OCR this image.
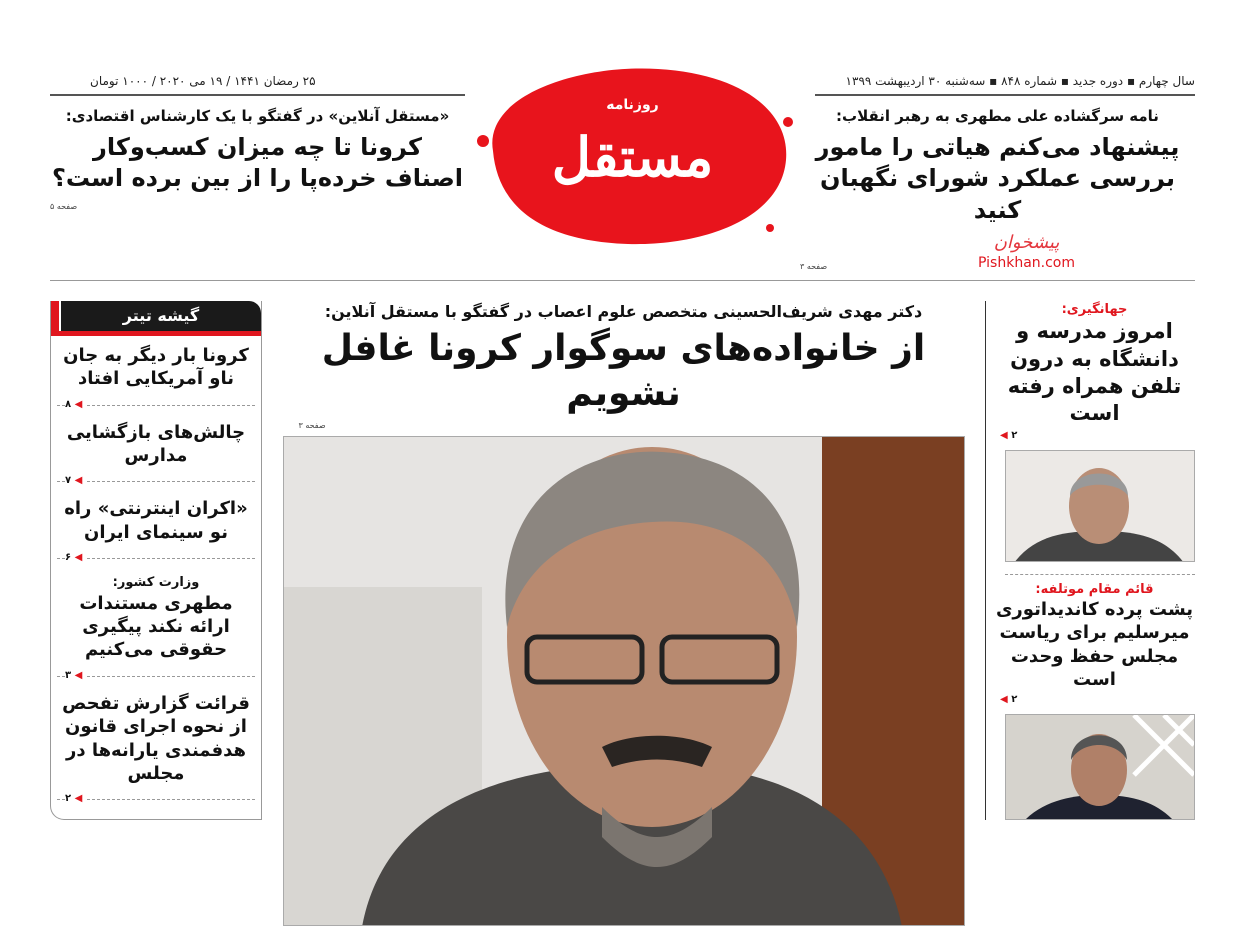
۲۵ رمضان ۱۴۴۱ / ۱۹ می ۲۰۲۰ / ۱۰۰۰ تومان	سال چهارم ▪ دوره جدید ▪ شماره ۸۴۸ ▪ سه‌شنبه ۳۰ اردیبهشت ۱۳۹۹
«مستقل آنلاین» در گفتگو با یک کارشناس اقتصادی:
کرونا تا چه میزان کسب‌وکار اصناف خرده‌پا را از بین برده است؟
صفحه ۵
روزنامه
مستقل
نامه سرگشاده علی مطهری به رهبر انقلاب:
پیشنهاد می‌کنم هیاتی را مامور بررسی عملکرد شورای نگهبان کنید
صفحه ۳
پیشخوان
Pishkhan.com
گیشه تیتر
کرونا بار دیگر به جان ناو آمریکایی افتاد
◀ ۸
چالش‌های بازگشایی مدارس
◀ ۷
«اکران اینترنتی» راه نو سینمای ایران
◀ ۶
وزارت کشور:
مطهری مستندات ارائه نکند پیگیری حقوقی می‌کنیم
◀ ۳
قرائت گزارش تفحص از نحوه اجرای قانون هدفمندی یارانه‌ها در مجلس
◀ ۲
دکتر مهدی شریف‌الحسینی متخصص علوم اعصاب در گفتگو با مستقل آنلاین:
از خانواده‌های سوگوار کرونا غافل نشویم
صفحه ۳
جهانگیری:
امروز مدرسه و دانشگاه به درون تلفن همراه رفته است
◀ ۲
قائم مقام موتلفه:
پشت پرده کاندیداتوری میرسلیم برای ریاست مجلس حفظ وحدت است
◀ ۲
